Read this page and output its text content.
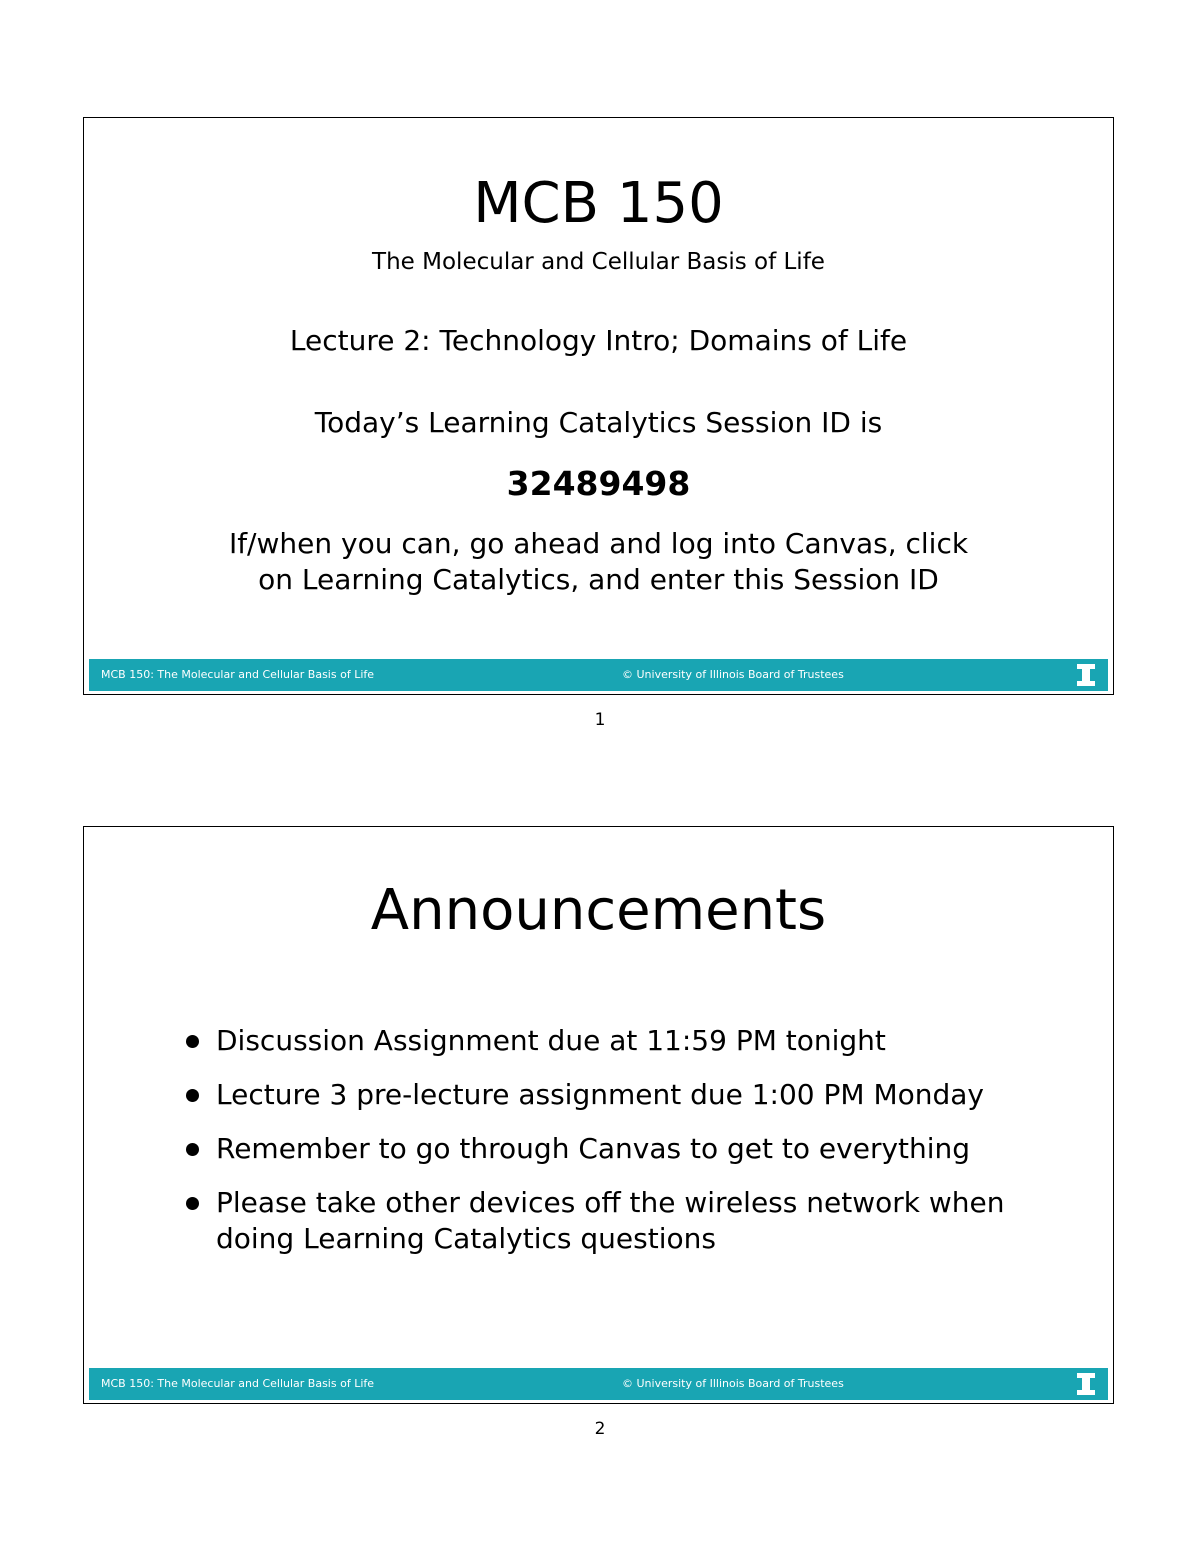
MCB 150
The Molecular and Cellular Basis of Life
Lecture 2: Technology Intro; Domains of Life
Today’s Learning Catalytics Session ID is
32489498
If/when you can, go ahead and log into Canvas, click
on Learning Catalytics, and enter this Session ID
MCB 150: The Molecular and Cellular Basis of Life	© University of Illinois Board of Trustees
1
Announcements
Discussion Assignment due at 11:59 PM tonight
Lecture 3 pre-lecture assignment due 1:00 PM Monday
Remember to go through Canvas to get to everything
Please take other devices off the wireless network when
doing Learning Catalytics questions
MCB 150: The Molecular and Cellular Basis of Life	© University of Illinois Board of Trustees
2
